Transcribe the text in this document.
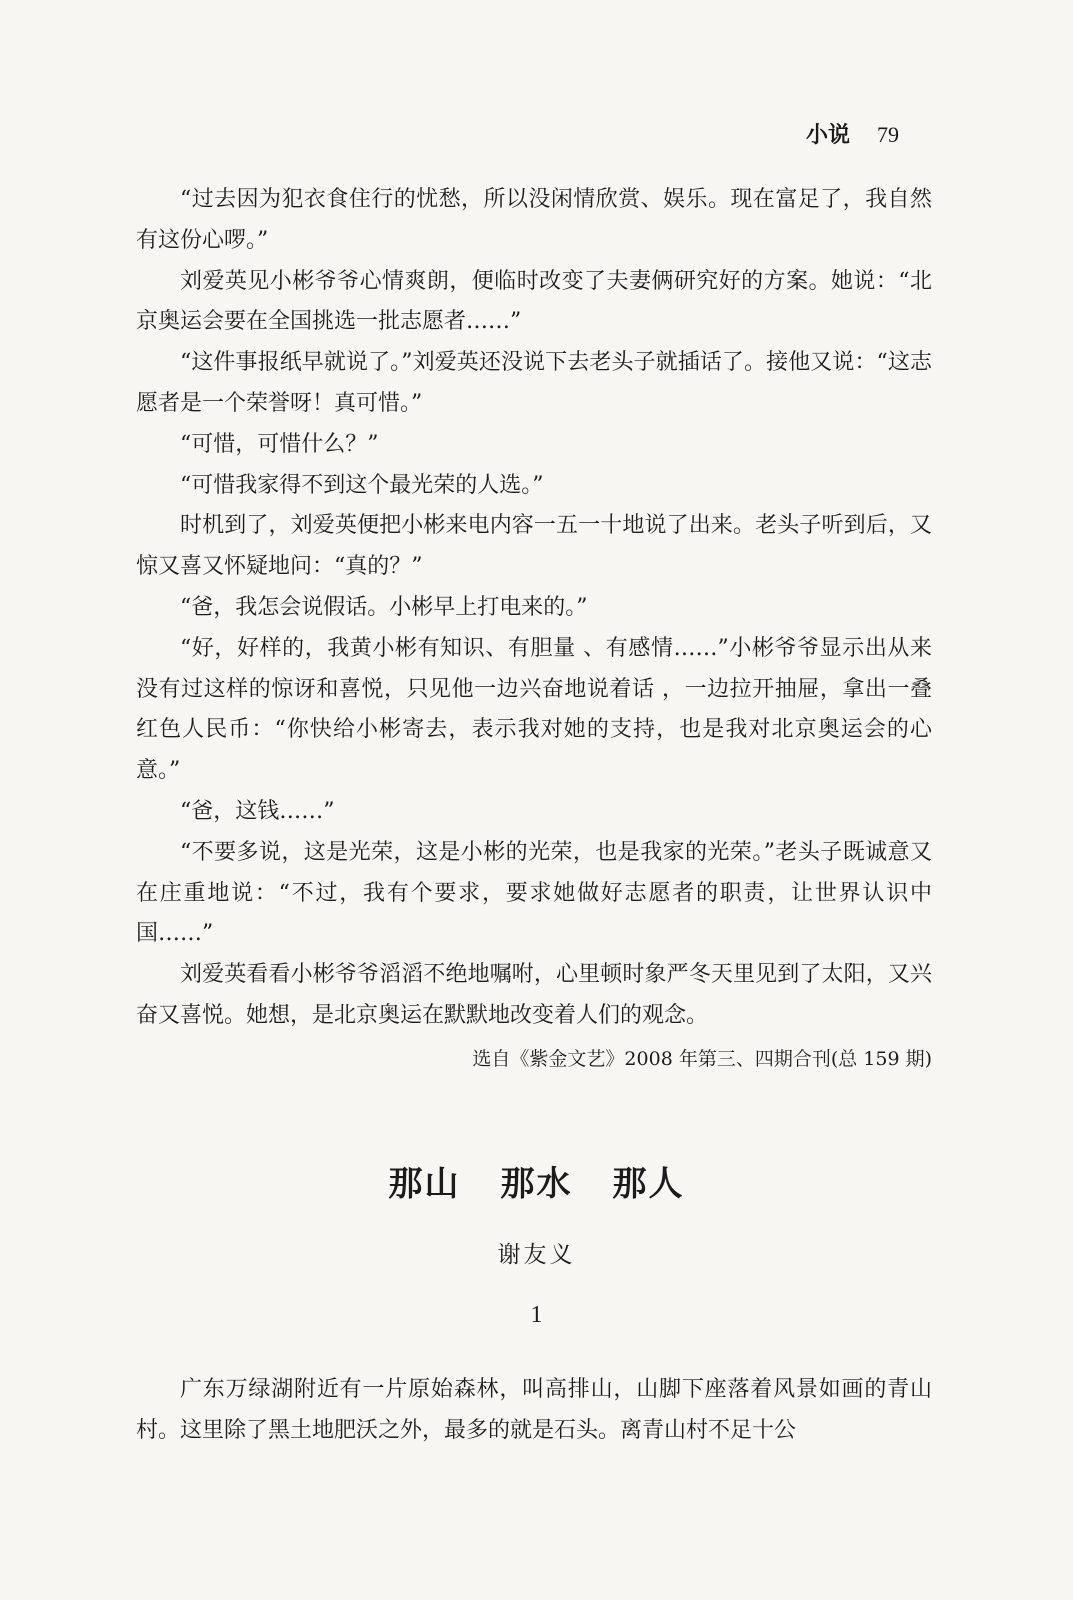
小说 79

“过去因为犯衣食住行的忧愁，所以没闲情欣赏、娱乐。现在富足了，我自然有这份心啰。”

刘爱英见小彬爷爷心情爽朗，便临时改变了夫妻俩研究好的方案。她说：“北京奥运会要在全国挑选一批志愿者……”

“这件事报纸早就说了。”刘爱英还没说下去老头子就插话了。接他又说：“这志愿者是一个荣誉呀！真可惜。”

“可惜，可惜什么？”

“可惜我家得不到这个最光荣的人选。”

时机到了，刘爱英便把小彬来电内容一五一十地说了出来。老头子听到后，又惊又喜又怀疑地问：“真的？”

“爸，我怎会说假话。小彬早上打电来的。”

“好，好样的，我黄小彬有知识、有胆量 、有感情……”小彬爷爷显示出从来没有过这样的惊讶和喜悦，只见他一边兴奋地说着话 ，一边拉开抽屉，拿出一叠红色人民币：“你快给小彬寄去，表示我对她的支持，也是我对北京奥运会的心意。”

“爸，这钱……”

“不要多说，这是光荣，这是小彬的光荣，也是我家的光荣。”老头子既诚意又在庄重地说：“不过，我有个要求，要求她做好志愿者的职责，让世界认识中国……”

刘爱英看看小彬爷爷滔滔不绝地嘱咐，心里顿时象严冬天里见到了太阳，又兴奋又喜悦。她想，是北京奥运在默默地改变着人们的观念。

选自《紫金文艺》2008 年第三、四期合刊(总 159 期)

那山 那水 那人
谢友义
1

广东万绿湖附近有一片原始森林，叫高排山，山脚下座落着风景如画的青山村。这里除了黑土地肥沃之外，最多的就是石头。离青山村不足十公
